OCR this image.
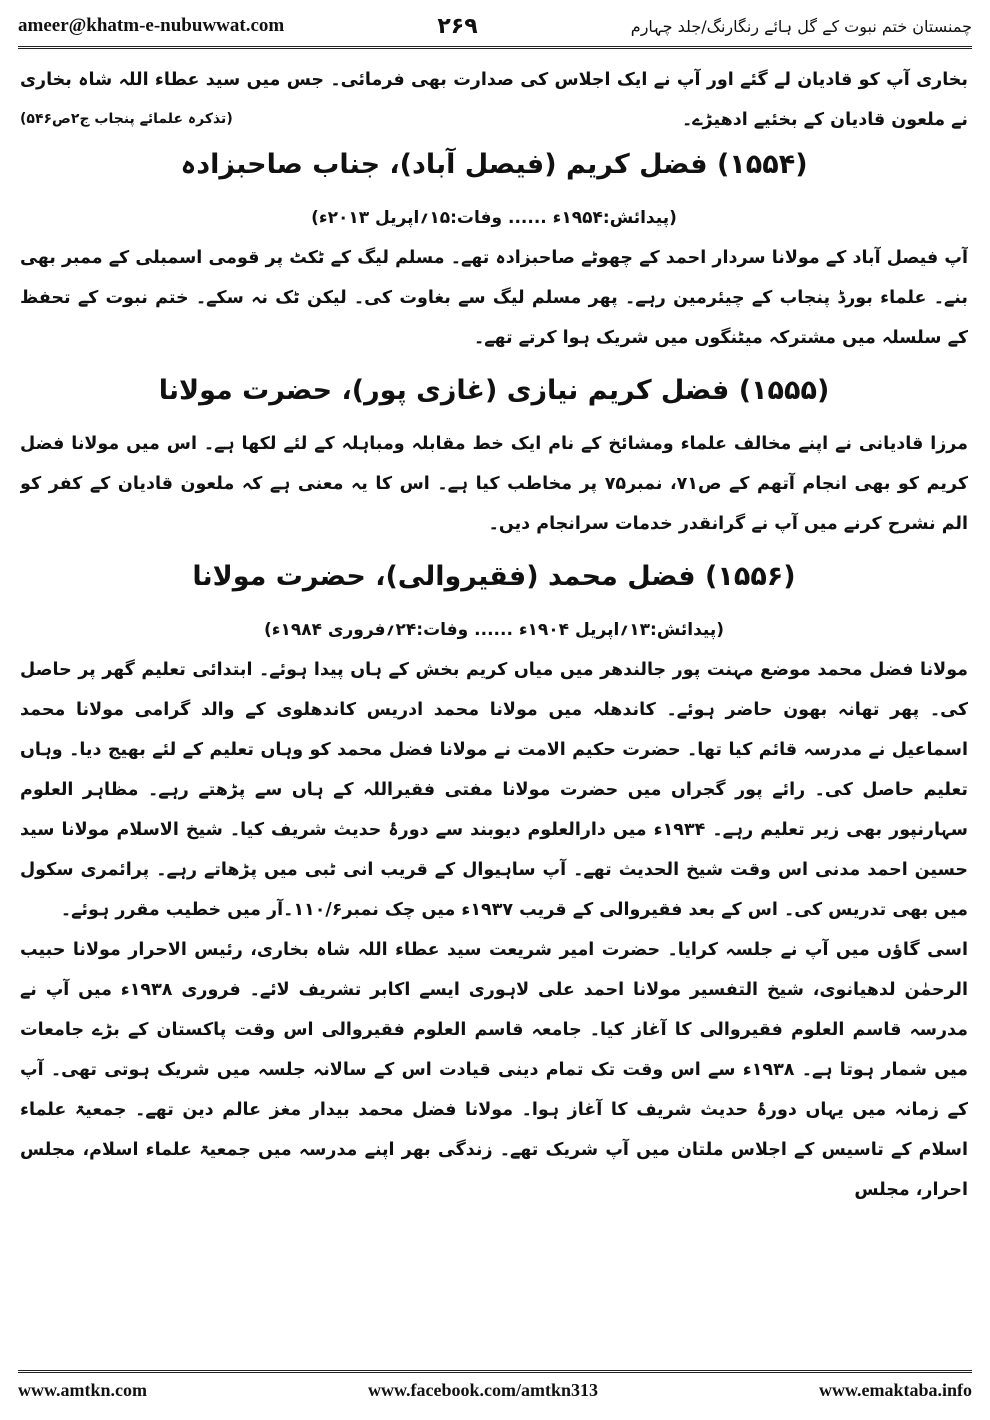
ameer@khatm-e-nubuwwat.com	۲۶۹	چمنستان ختم نبوت کے گل ہائے رنگارنگ/جلد چہارم

بخاری آپ کو قادیان لے گئے اور آپ نے ایک اجلاس کی صدارت بھی فرمائی۔ جس میں سید عطاء اللہ شاہ بخاری نے ملعون قادیان کے بخئیے ادھیڑے۔

(تذکرہ علمائے پنجاب ج۲ص۵۴۶)

(۱۵۵۴) فضل کریم (فیصل آباد)، جناب صاحبزادہ

(پیدائش:۱۹۵۴ء ...... وفات:۱۵؍اپریل ۲۰۱۳ء)

آپ فیصل آباد کے مولانا سردار احمد کے چھوٹے صاحبزادہ تھے۔ مسلم لیگ کے ٹکٹ پر قومی اسمبلی کے ممبر بھی بنے۔ علماء بورڈ پنجاب کے چیئرمین رہے۔ پھر مسلم لیگ سے بغاوت کی۔ لیکن ٹک نہ سکے۔ ختم نبوت کے تحفظ کے سلسلہ میں مشترکہ میٹنگوں میں شریک ہوا کرتے تھے۔

(۱۵۵۵) فضل کریم نیازی (غازی پور)، حضرت مولانا

مرزا قادیانی نے اپنے مخالف علماء ومشائخ کے نام ایک خط مقابلہ ومباہلہ کے لئے لکھا ہے۔ اس میں مولانا فضل کریم کو بھی انجام آتھم کے ص۷۱، نمبر۷۵ پر مخاطب کیا ہے۔ اس کا یہ معنی ہے کہ ملعون قادیان کے کفر کو الم نشرح کرنے میں آپ نے گرانقدر خدمات سرانجام دیں۔

(۱۵۵۶) فضل محمد (فقیروالی)، حضرت مولانا

(پیدائش:۱۳؍اپریل ۱۹۰۴ء ...... وفات:۲۴؍فروری ۱۹۸۴ء)

مولانا فضل محمد موضع مہنت پور جالندھر میں میاں کریم بخش کے ہاں پیدا ہوئے۔ ابتدائی تعلیم گھر پر حاصل کی۔ پھر تھانہ بھون حاضر ہوئے۔ کاندھلہ میں مولانا محمد ادریس کاندھلوی کے والد گرامی مولانا محمد اسماعیل نے مدرسہ قائم کیا تھا۔ حضرت حکیم الامت نے مولانا فضل محمد کو وہاں تعلیم کے لئے بھیج دیا۔ وہاں تعلیم حاصل کی۔ رائے پور گجراں میں حضرت مولانا مفتی فقیراللہ کے ہاں سے پڑھتے رہے۔ مظاہر العلوم سہارنپور بھی زیر تعلیم رہے۔ ۱۹۳۴ء میں دارالعلوم دیوبند سے دورۂ حدیث شریف کیا۔ شیخ الاسلام مولانا سید حسین احمد مدنی اس وقت شیخ الحدیث تھے۔ آپ ساہیوال کے قریب انی ٹبی میں پڑھاتے رہے۔ پرائمری سکول میں بھی تدریس کی۔ اس کے بعد فقیروالی کے قریب ۱۹۳۷ء میں چک نمبر۱۱۰/۶۔آر میں خطیب مقرر ہوئے۔

اسی گاؤں میں آپ نے جلسہ کرایا۔ حضرت امیر شریعت سید عطاء اللہ شاہ بخاری، رئیس الاحرار مولانا حبیب الرحمٰن لدھیانوی، شیخ التفسیر مولانا احمد علی لاہوری ایسے اکابر تشریف لائے۔ فروری ۱۹۳۸ء میں آپ نے مدرسہ قاسم العلوم فقیروالی کا آغاز کیا۔ جامعہ قاسم العلوم فقیروالی اس وقت پاکستان کے بڑے جامعات میں شمار ہوتا ہے۔ ۱۹۳۸ء سے اس وقت تک تمام دینی قیادت اس کے سالانہ جلسہ میں شریک ہوتی تھی۔ آپ کے زمانہ میں یہاں دورۂ حدیث شریف کا آغاز ہوا۔ مولانا فضل محمد بیدار مغز عالم دین تھے۔ جمعیۃ علماء اسلام کے تاسیس کے اجلاس ملتان میں آپ شریک تھے۔ زندگی بھر اپنے مدرسہ میں جمعیۃ علماء اسلام، مجلس احرار، مجلس

www.amtkn.com	www.facebook.com/amtkn313	www.emaktaba.info
